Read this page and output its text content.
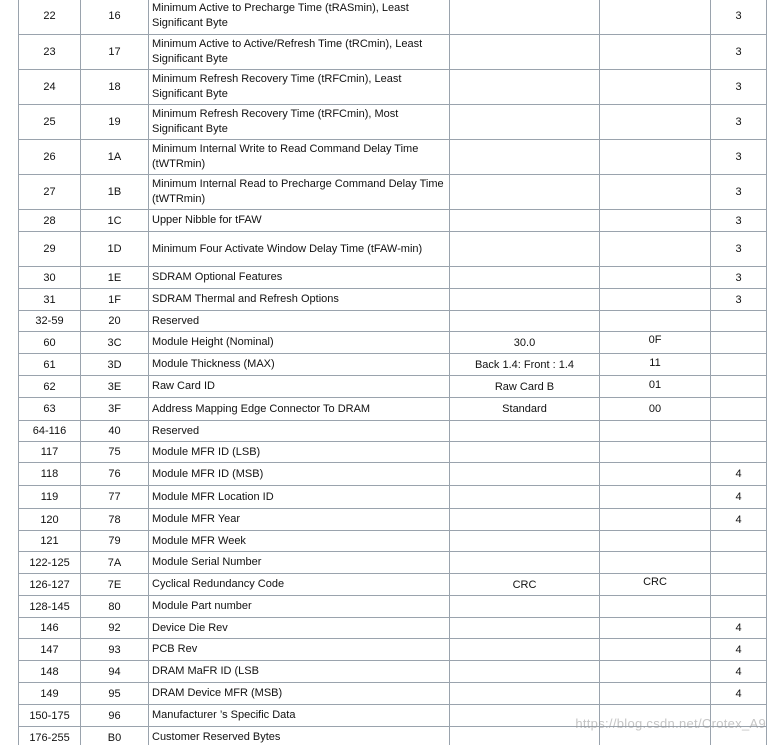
22	16	Minimum Active to Precharge Time (tRASmin), Least Significant Byte			3
23	17	Minimum Active to Active/Refresh Time (tRCmin), Least Significant Byte			3
24	18	Minimum Refresh Recovery Time (tRFCmin), Least Significant Byte			3
25	19	Minimum Refresh Recovery Time (tRFCmin), Most Significant Byte			3
26	1A	Minimum Internal Write to Read Command Delay Time (tWTRmin)			3
27	1B	Minimum Internal Read to Precharge Command Delay Time (tWTRmin)			3
28	1C	Upper Nibble for tFAW			3
29	1D	Minimum Four Activate Window Delay Time (tFAW-min)			3
30	1E	SDRAM Optional Features			3
31	1F	SDRAM Thermal and Refresh Options			3
32-59	20	Reserved			
60	3C	Module Height (Nominal)	30.0	0F	
61	3D	Module Thickness (MAX)	Back 1.4: Front : 1.4	11	
62	3E	Raw Card ID	Raw Card B	01	
63	3F	Address Mapping Edge Connector To DRAM	Standard	00	
64-116	40	Reserved			
117	75	Module MFR ID (LSB)			
118	76	Module MFR ID (MSB)			4
119	77	Module MFR Location ID			4
120	78	Module MFR Year			4
121	79	Module MFR Week			
122-125	7A	Module Serial Number			
126-127	7E	Cyclical Redundancy Code	CRC	CRC	
128-145	80	Module Part number			
146	92	Device Die Rev			4
147	93	PCB Rev			4
148	94	DRAM MaFR ID (LSB			4
149	95	DRAM Device MFR (MSB)			4
150-175	96	Manufacturer ’s Specific Data			
176-255	B0	Customer Reserved Bytes			
https://blog.csdn.net/Crotex_A9
